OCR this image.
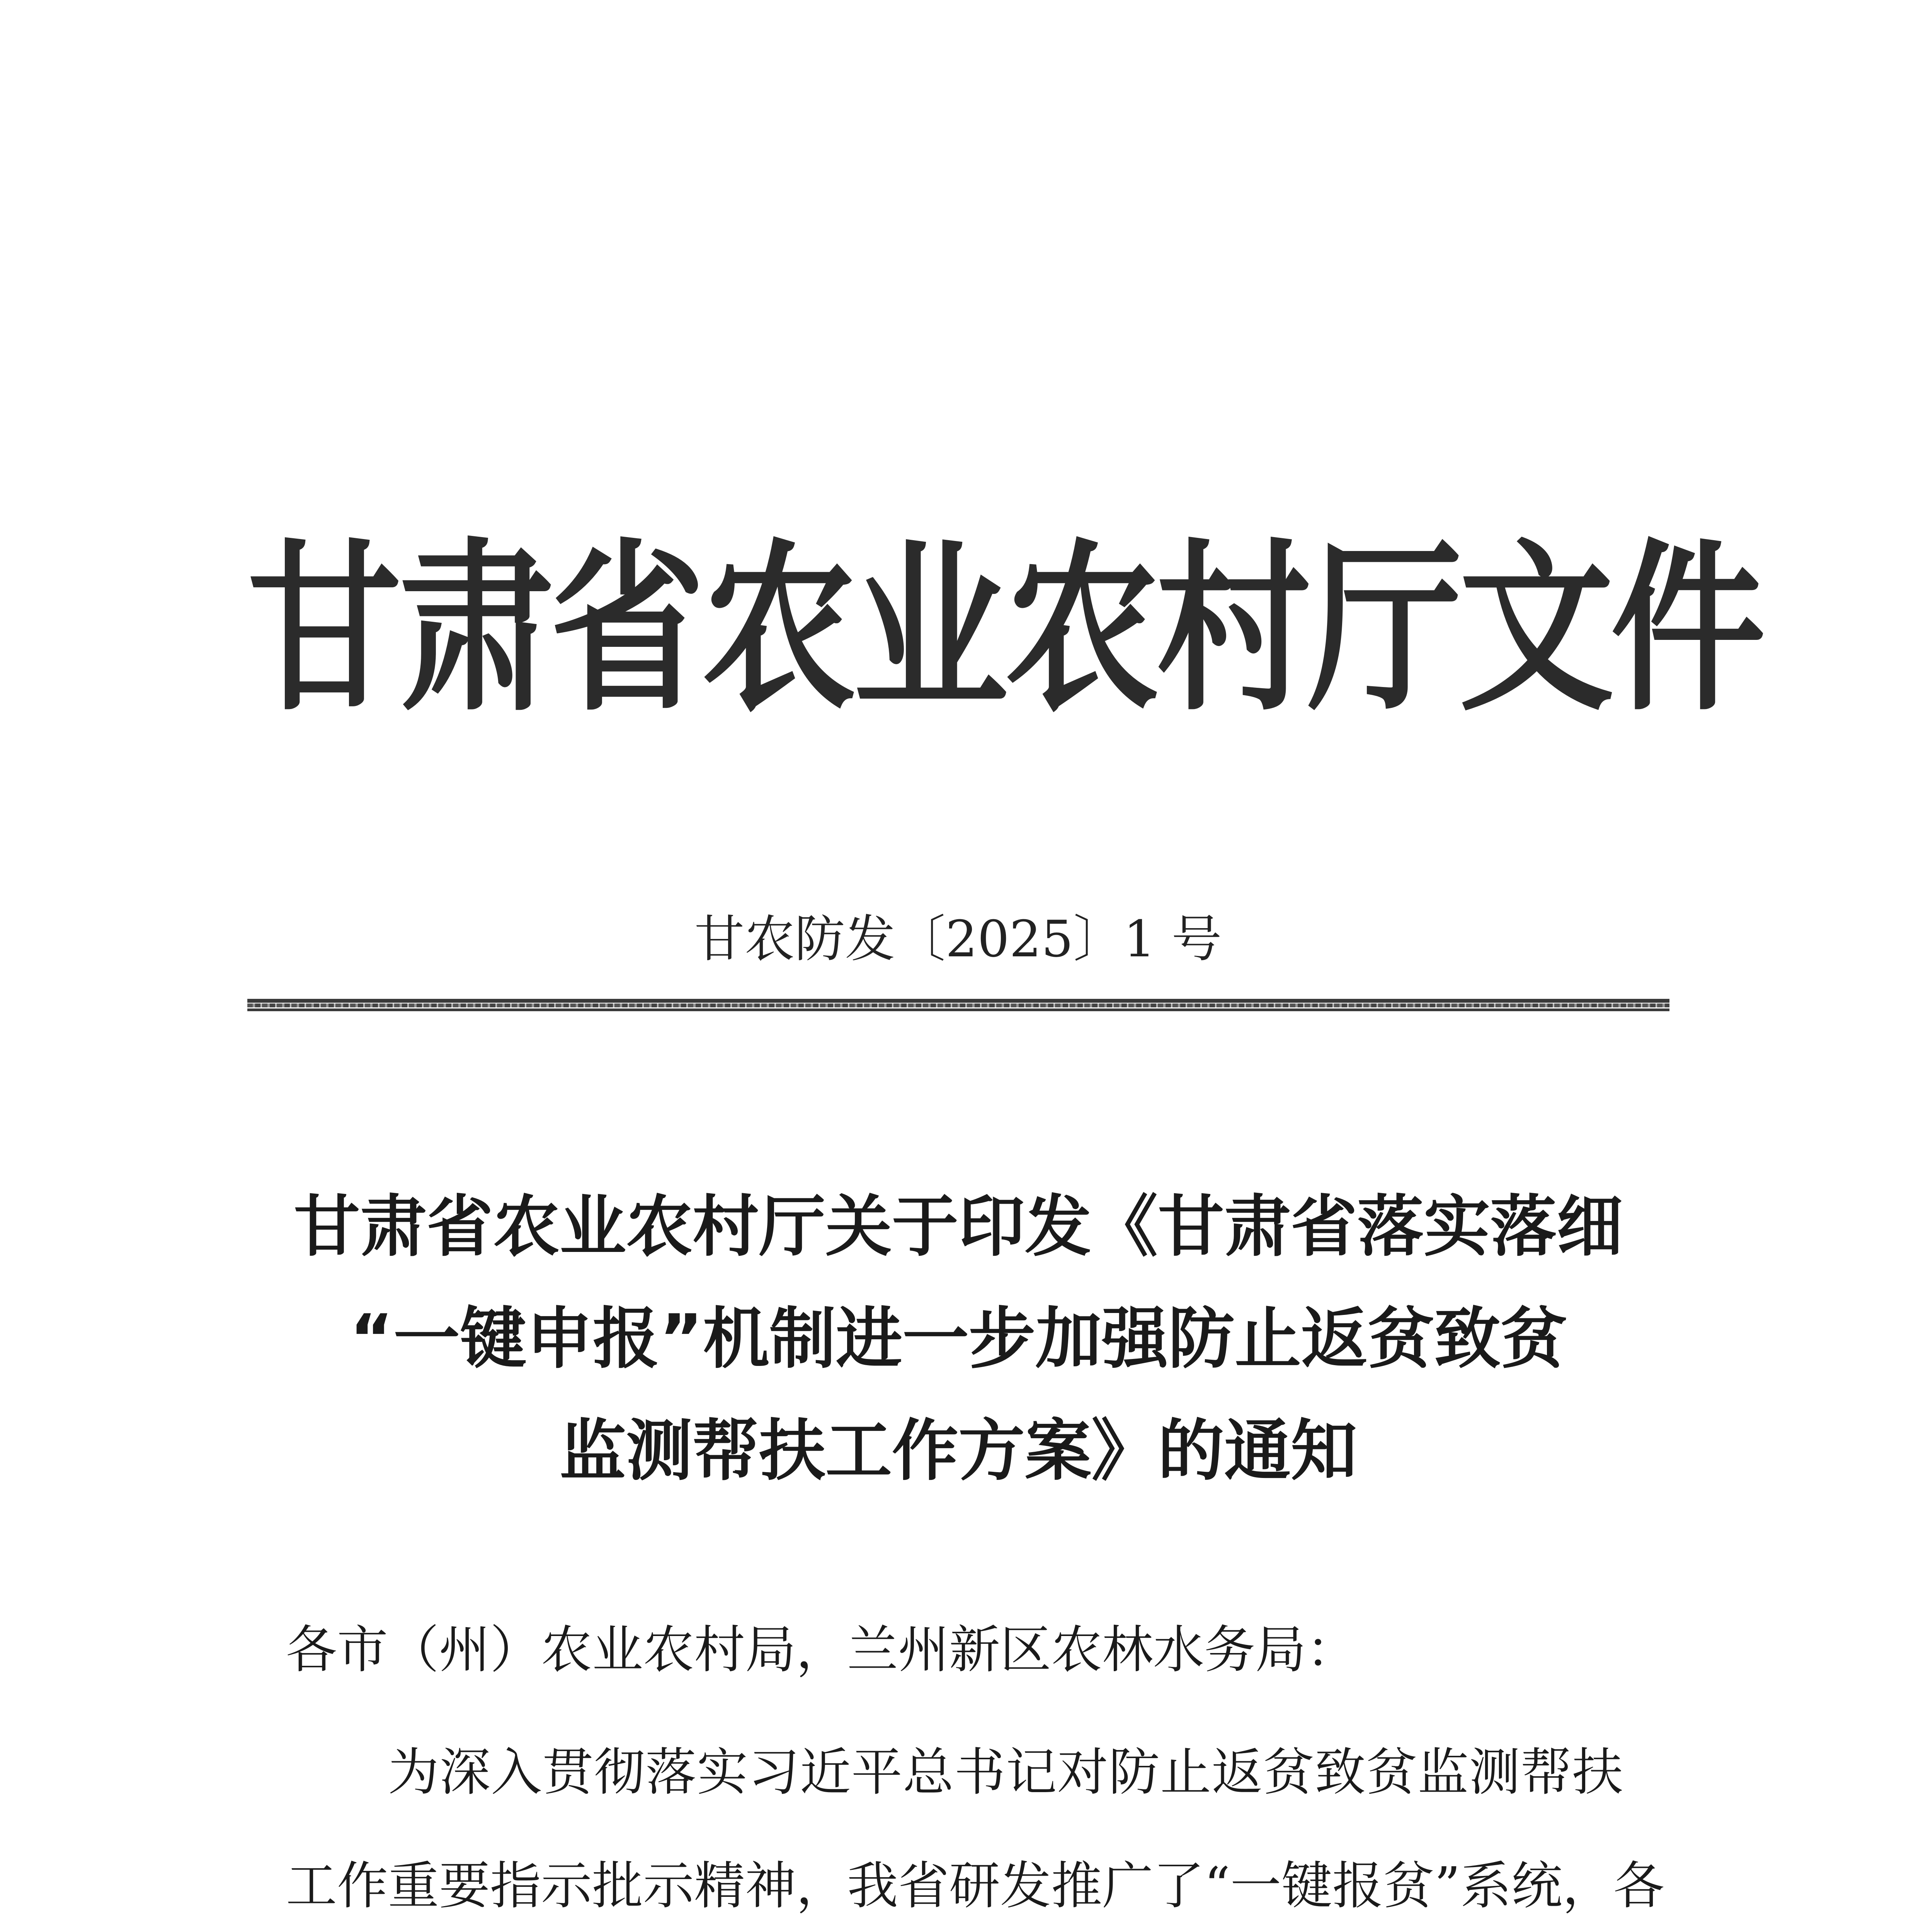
甘肃省农业农村厅文件
甘农防发〔2025〕1 号
甘肃省农业农村厅关于印发《甘肃省落实落细
“一键申报”机制进一步加强防止返贫致贫
监测帮扶工作方案》的通知
各市（州）农业农村局，兰州新区农林水务局：
为深入贯彻落实习近平总书记对防止返贫致贫监测帮扶
工作重要指示批示精神，我省研发推广了“一键报贫”系统，各
